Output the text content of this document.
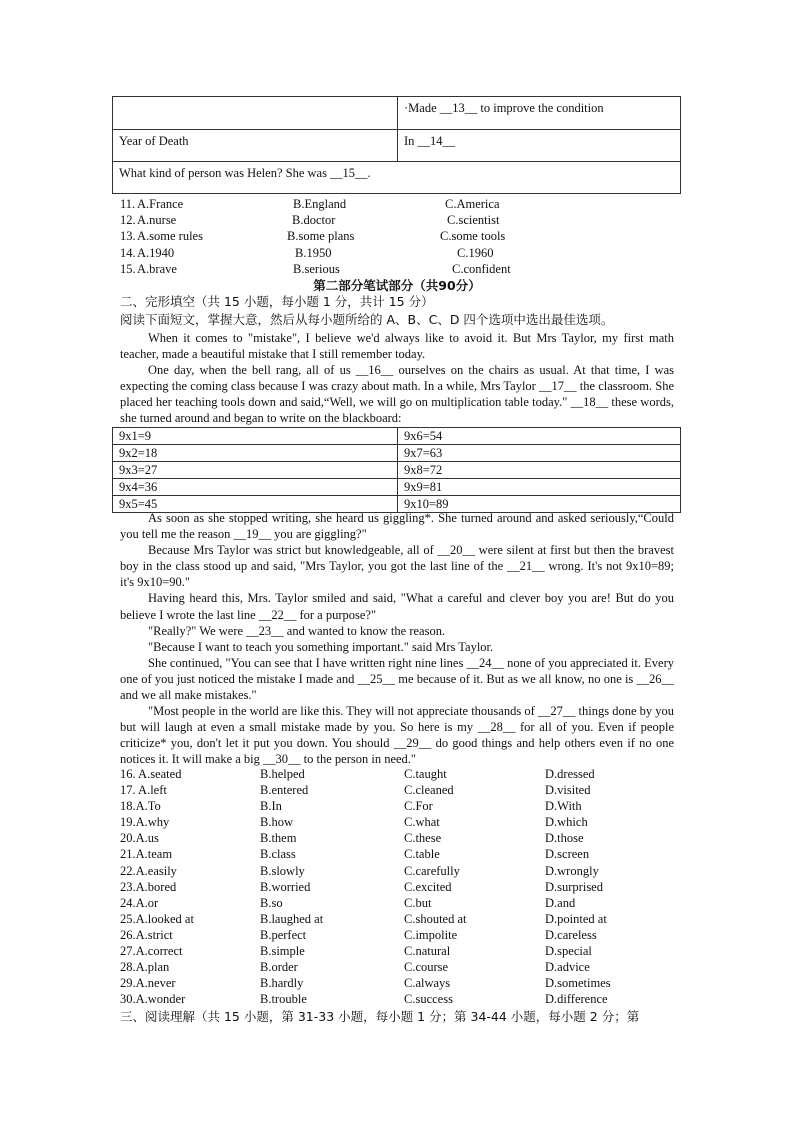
	·Made __13__ to improve the condition
Year of Death	In __14__
What kind of person was Helen? She was __15__.	
11. A.France	B.England	C.America
12. A.nurse	B.doctor	C.scientist
13. A.some rules	B.some plans	C.some tools
14. A.1940	B.1950	C.1960
15. A.brave	B.serious	C.confident
第二部分笔试部分（共90分）
二、完形填空（共 15 小题，每小题 1 分，共计 15 分）
阅读下面短文，掌握大意，然后从每小题所给的 A、B、C、D 四个选项中选出最佳选项。

When it comes to "mistake", I believe we'd always like to avoid it. But Mrs Taylor, my first math teacher, made a beautiful mistake that I still remember today.

One day, when the bell rang, all of us __16__ ourselves on the chairs as usual. At that time, I was expecting the coming class because I was crazy about math. In a while, Mrs Taylor __17__ the classroom. She placed her teaching tools down and said,“Well, we will go on multiplication table today." __18__ these words, she turned around and began to write on the blackboard:

9x1=9	9x6=54
9x2=18	9x7=63
9x3=27	9x8=72
9x4=36	9x9=81
9x5=45	9x10=89

As soon as she stopped writing, she heard us giggling*. She turned around and asked seriously,“Could you tell me the reason __19__ you are giggling?"

Because Mrs Taylor was strict but knowledgeable, all of __20__ were silent at first but then the bravest boy in the class stood up and said, "Mrs Taylor, you got the last line of the __21__ wrong. It's not 9x10=89; it's 9x10=90."

Having heard this, Mrs. Taylor smiled and said, "What a careful and clever boy you are! But do you believe I wrote the last line __22__ for a purpose?"

"Really?" We were __23__ and wanted to know the reason.

"Because I want to teach you something important." said Mrs Taylor.

She continued, "You can see that I have written right nine lines __24__ none of you appreciated it. Every one of you just noticed the mistake I made and __25__ me because of it. But as we all know, no one is __26__ and we all make mistakes."

"Most people in the world are like this. They will not appreciate thousands of __27__ things done by you but will laugh at even a small mistake made by you. So here is my __28__ for all of you. Even if people criticize* you, don't let it put you down. You should __29__ do good things and help others even if no one notices it. It will make a big __30__ to the person in need."

16. A.seated	B.helped	C.taught	D.dressed
17. A.left	B.entered	C.cleaned	D.visited
18.A.To	B.In	C.For	D.With
19.A.why	B.how	C.what	D.which
20.A.us	B.them	C.these	D.those
21.A.team	B.class	C.table	D.screen
22.A.easily	B.slowly	C.carefully	D.wrongly
23.A.bored	B.worried	C.excited	D.surprised
24.A.or	B.so	C.but	D.and
25.A.looked at	B.laughed at	C.shouted at	D.pointed at
26.A.strict	B.perfect	C.impolite	D.careless
27.A.correct	B.simple	C.natural	D.special
28.A.plan	B.order	C.course	D.advice
29.A.never	B.hardly	C.always	D.sometimes
30.A.wonder	B.trouble	C.success	D.difference
三、阅读理解（共 15 小题，第 31-33 小题，每小题 1 分；第 34-44 小题，每小题 2 分；第
